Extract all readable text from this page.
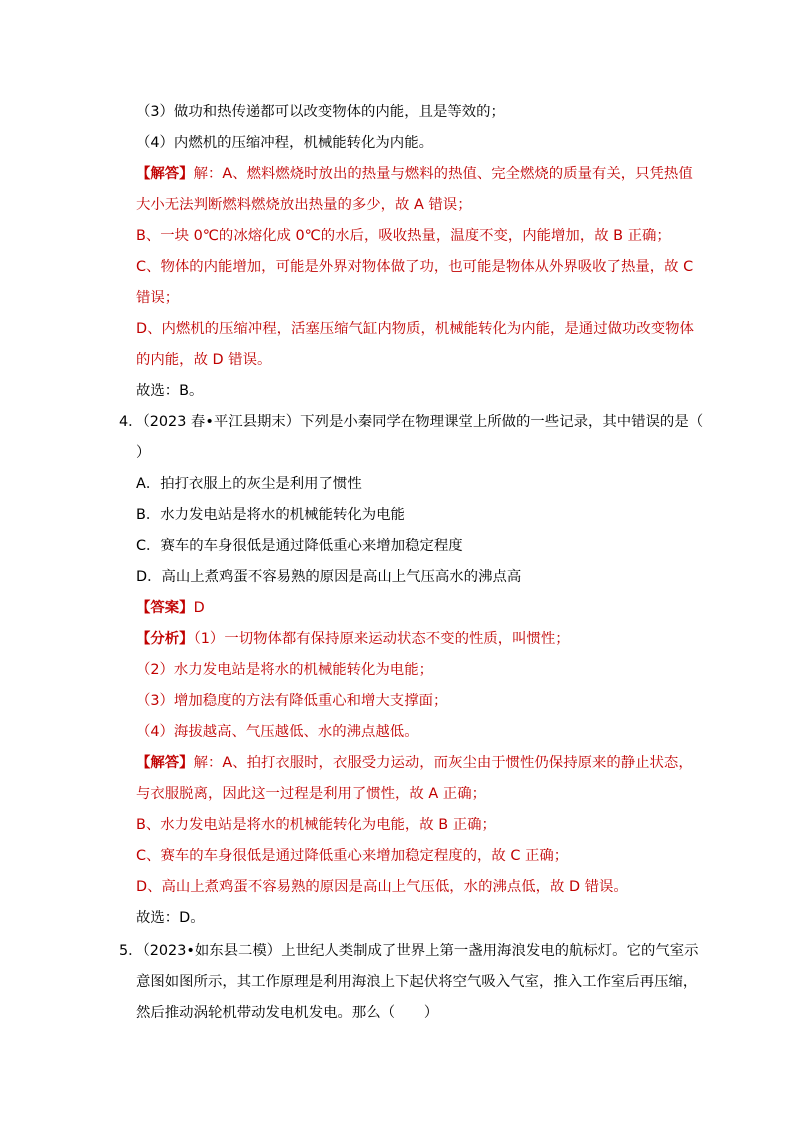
（3）做功和热传递都可以改变物体的内能，且是等效的；
（4）内燃机的压缩冲程，机械能转化为内能。
【解答】解：A、燃料燃烧时放出的热量与燃料的热值、完全燃烧的质量有关，只凭热值
大小无法判断燃料燃烧放出热量的多少，故 A 错误；
B、一块 0℃的冰熔化成 0℃的水后，吸收热量，温度不变，内能增加，故 B 正确；
C、物体的内能增加，可能是外界对物体做了功，也可能是物体从外界吸收了热量，故 C
错误；
D、内燃机的压缩冲程，活塞压缩气缸内物质，机械能转化为内能，是通过做功改变物体
的内能，故 D 错误。
故选：B。
4．（2023 春•平江县期末）下列是小秦同学在物理课堂上所做的一些记录，其中错误的是（
）
A．拍打衣服上的灰尘是利用了惯性
B．水力发电站是将水的机械能转化为电能
C．赛车的车身很低是通过降低重心来增加稳定程度
D．高山上煮鸡蛋不容易熟的原因是高山上气压高水的沸点高
【答案】D
【分析】（1）一切物体都有保持原来运动状态不变的性质，叫惯性；
（2）水力发电站是将水的机械能转化为电能；
（3）增加稳度的方法有降低重心和增大支撑面；
（4）海拔越高、气压越低、水的沸点越低。
【解答】解：A、拍打衣服时，衣服受力运动，而灰尘由于惯性仍保持原来的静止状态，
与衣服脱离，因此这一过程是利用了惯性，故 A 正确；
B、水力发电站是将水的机械能转化为电能，故 B 正确；
C、赛车的车身很低是通过降低重心来增加稳定程度的，故 C 正确；
D、高山上煮鸡蛋不容易熟的原因是高山上气压低，水的沸点低，故 D 错误。
故选：D。
5．（2023•如东县二模）上世纪人类制成了世界上第一盏用海浪发电的航标灯。它的气室示
意图如图所示，其工作原理是利用海浪上下起伏将空气吸入气室，推入工作室后再压缩，
然后推动涡轮机带动发电机发电。那么（　　）
